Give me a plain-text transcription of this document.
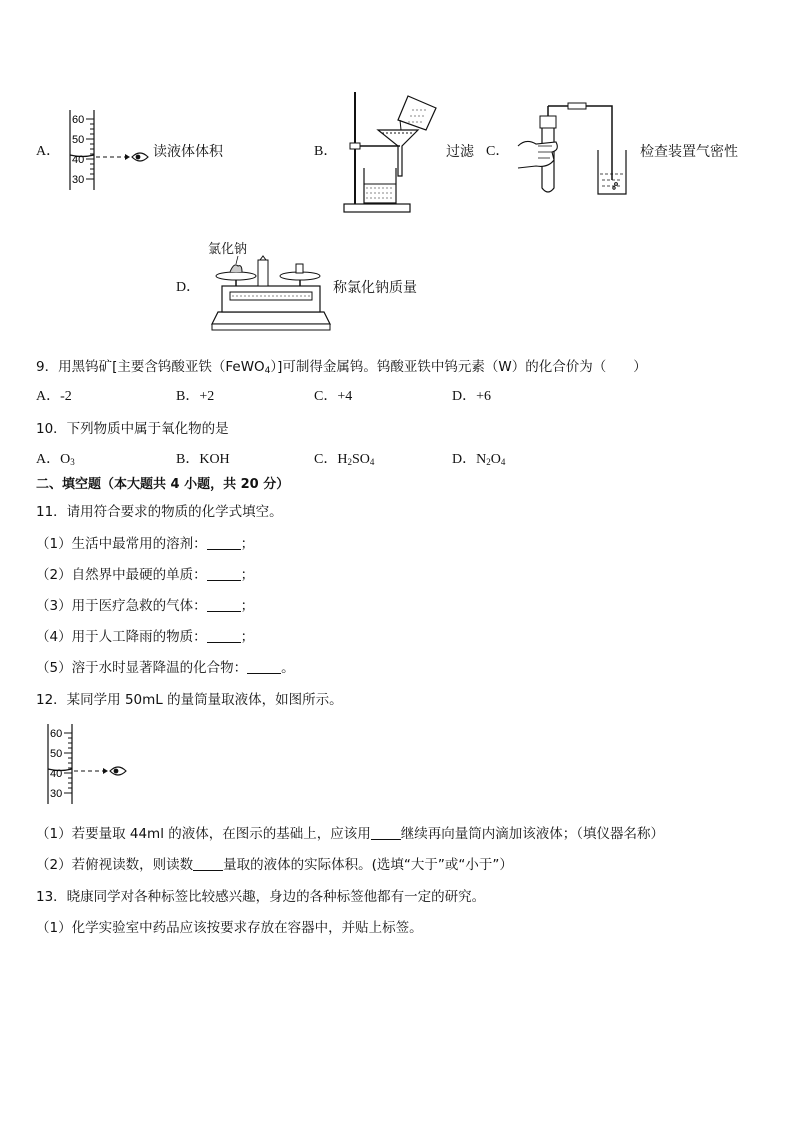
A．
60
50
40
30
读液体体积	B．	过滤 C．	检查装置气密性
氯化钠
D．	称氯化钠质量
9．用黑钨矿[主要含钨酸亚铁（FeWO$_4$）]可制得金属钨。钨酸亚铁中钨元素（W）的化合价为（　　）
A．-2	B．+2	C．+4	D．+6
10．下列物质中属于氧化物的是
A．$O_3$	B．KOH	C．$H_2SO_4$	D．$N_2O_4$
二、填空题（本大题共 4 小题，共 20 分）
11．请用符合要求的物质的化学式填空。
（1）生活中最常用的溶剂：	；
（2）自然界中最硬的单质：	；
（3）用于医疗急救的气体：	；
（4）用于人工降雨的物质：	；
（5）溶于水时显著降温的化合物：	。
12．某同学用 50mL 的量筒量取液体，如图所示。
60
50
40
30
（1）若要量取 44ml 的液体，在图示的基础上，应该用 继续再向量筒内滴加该液体；（填仪器名称）
（2）若俯视读数，则读数 量取的液体的实际体积。(选填“大于”或“小于”）
13．晓康同学对各种标签比较感兴趣，身边的各种标签他都有一定的研究。
（1）化学实验室中药品应该按要求存放在容器中，并贴上标签。
